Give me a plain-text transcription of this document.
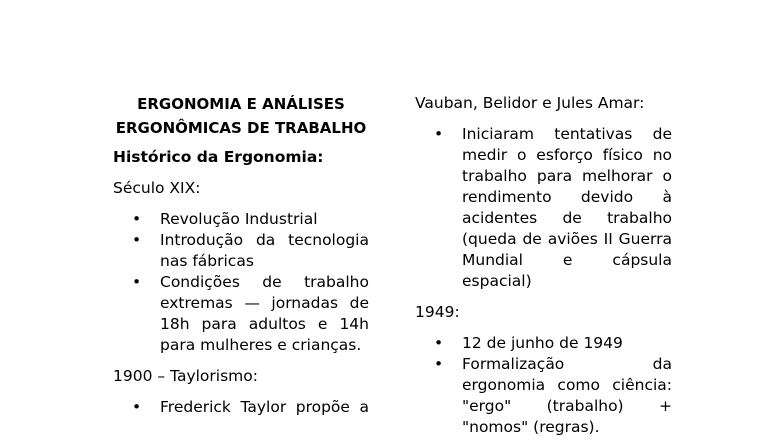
ERGONOMIA E ANÁLISES ERGONÔMICAS DE TRABALHO

Histórico da Ergonomia:

Século XIX:

• Revolução Industrial
• Introdução da tecnologia nas fábricas
• Condições de trabalho extremas — jornadas de 18h para adultos e 14h para mulheres e crianças.

1900 – Taylorismo:

• Frederick Taylor propõe a

Vauban, Belidor e Jules Amar:

• Iniciaram tentativas de medir o esforço físico no trabalho para melhorar o rendimento devido à acidentes de trabalho (queda de aviões II Guerra Mundial e cápsula espacial)

1949:

• 12 de junho de 1949
• Formalização da ergonomia como ciência: "ergo" (trabalho) + "nomos" (regras).
